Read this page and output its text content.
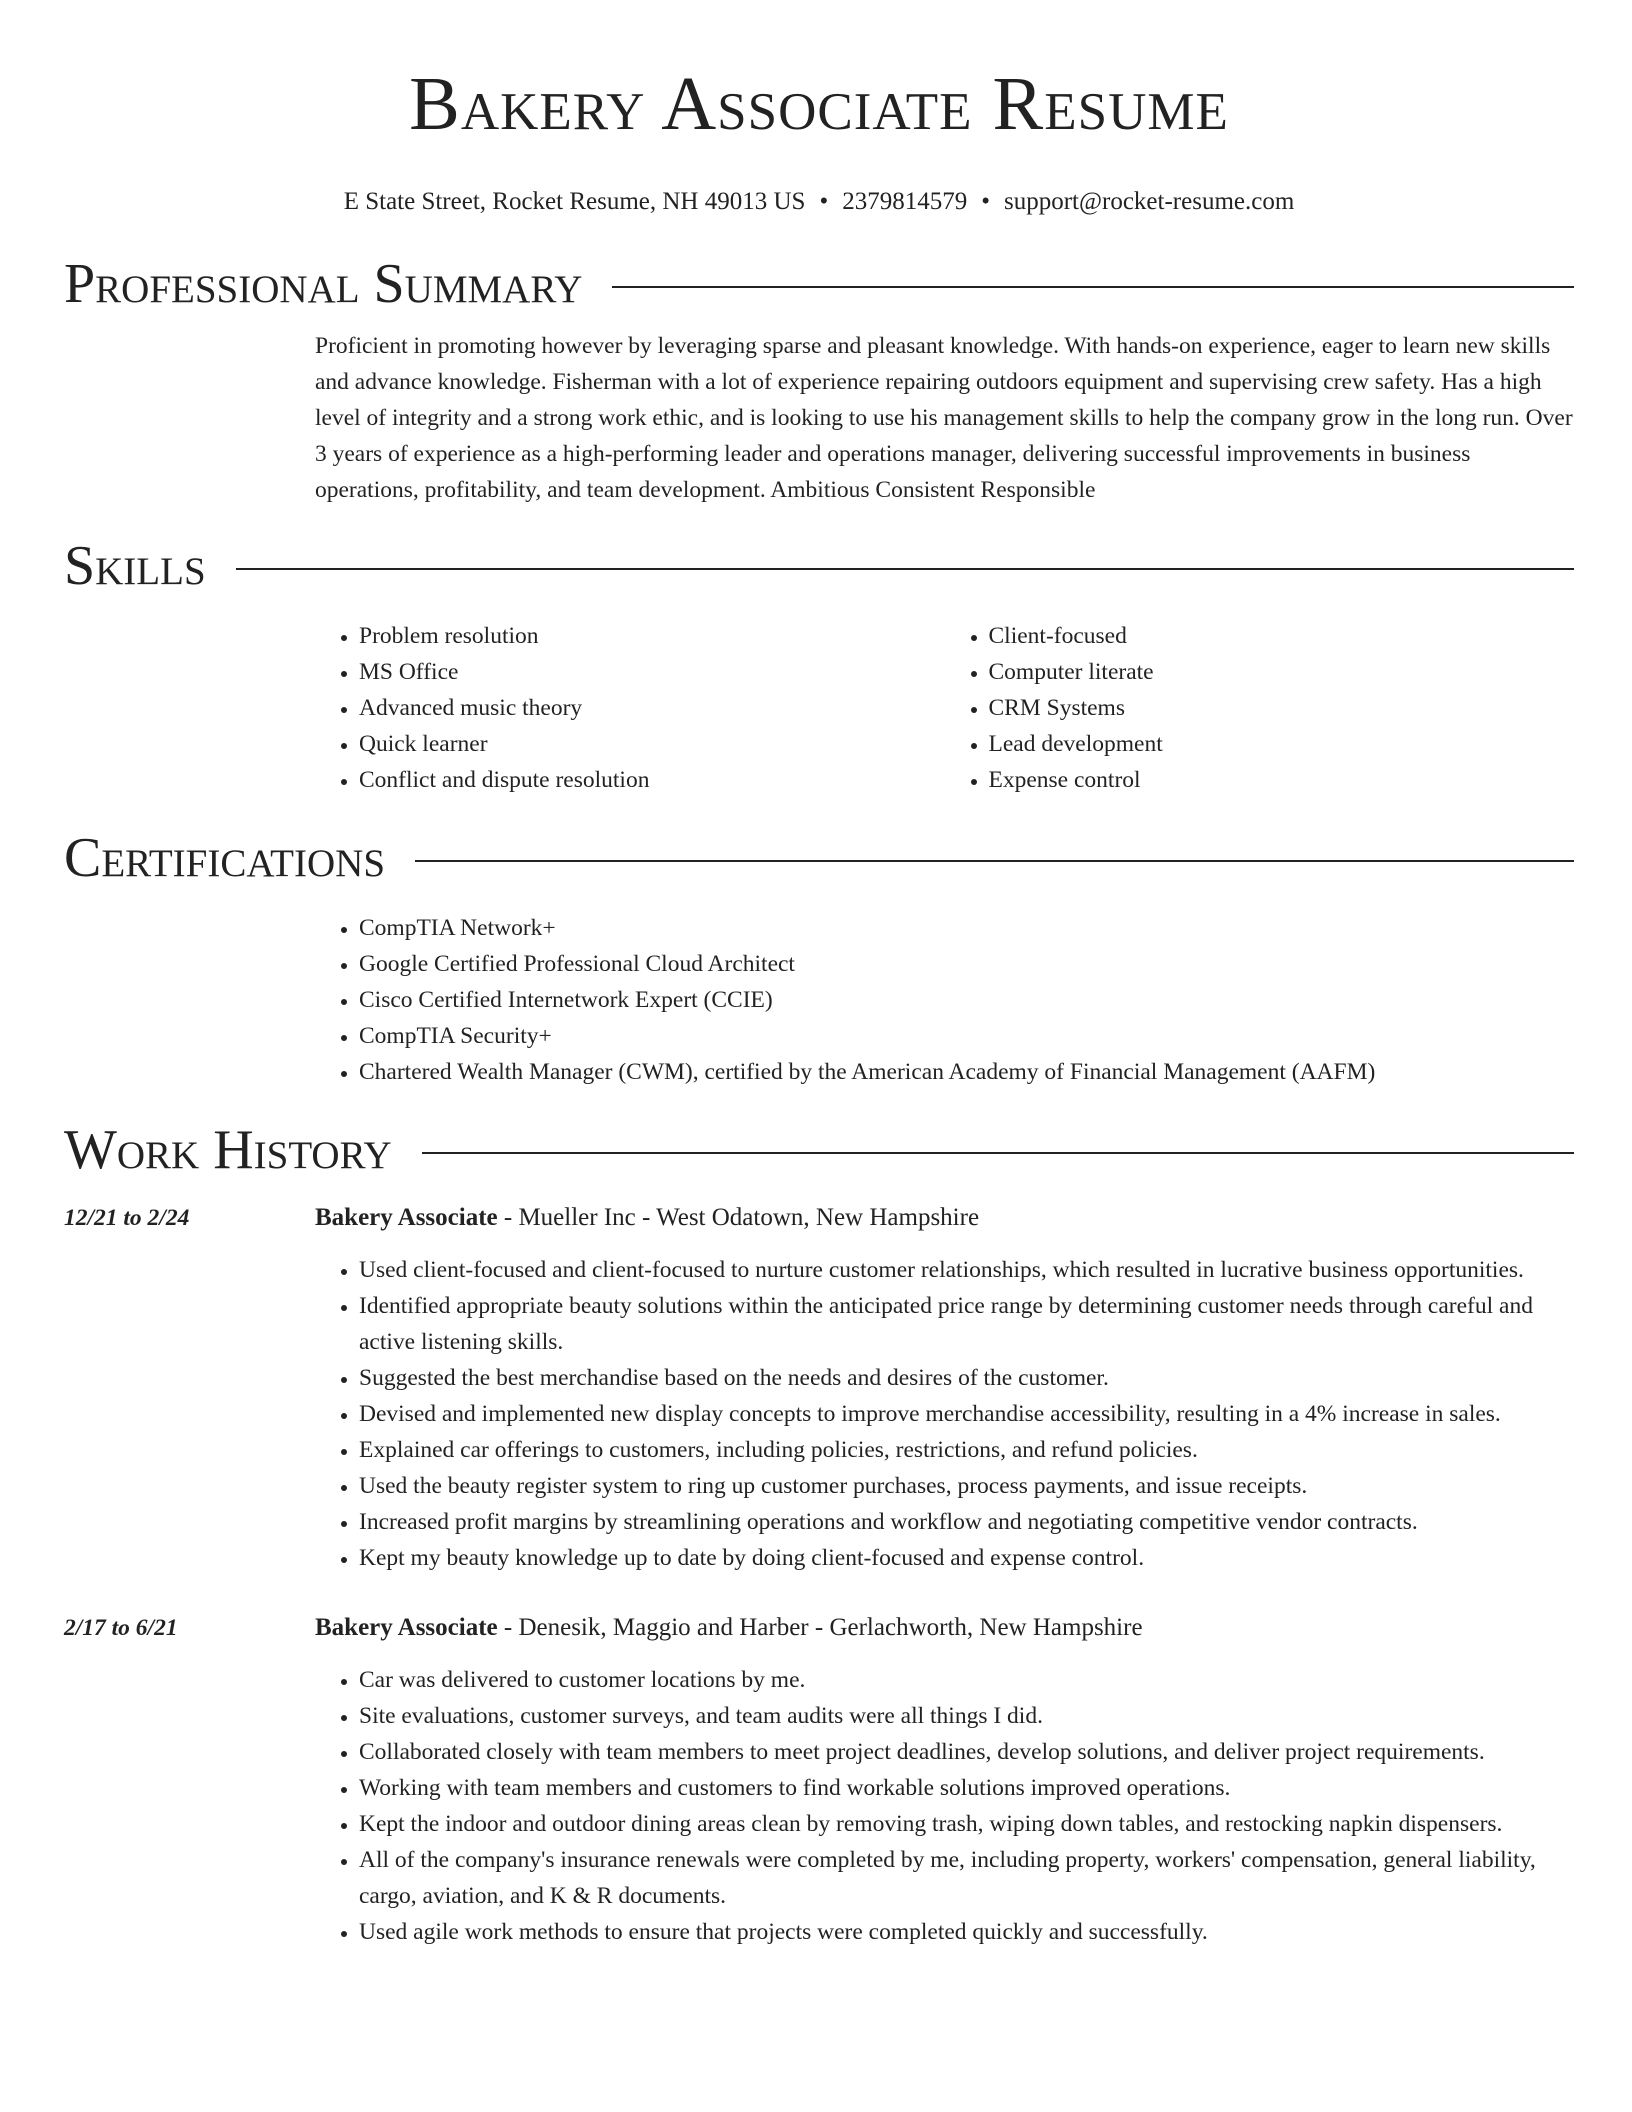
Bakery Associate Resume
E State Street, Rocket Resume, NH 49013 US • 2379814579 • support@rocket-resume.com
Professional Summary

Proficient in promoting however by leveraging sparse and pleasant knowledge. With hands-on experience, eager to learn new skills and advance knowledge. Fisherman with a lot of experience repairing outdoors equipment and supervising crew safety. Has a high level of integrity and a strong work ethic, and is looking to use his management skills to help the company grow in the long run. Over 3 years of experience as a high-performing leader and operations manager, delivering successful improvements in business operations, profitability, and team development. Ambitious Consistent Responsible

Skills
• Problem resolution
• MS Office
• Advanced music theory
• Quick learner
• Conflict and dispute resolution
• Client-focused
• Computer literate
• CRM Systems
• Lead development
• Expense control
Certifications
• CompTIA Network+
• Google Certified Professional Cloud Architect
• Cisco Certified Internetwork Expert (CCIE)
• CompTIA Security+
• Chartered Wealth Manager (CWM), certified by the American Academy of Financial Management (AAFM)
Work History
12/21 to 2/24	Bakery Associate - Mueller Inc - West Odatown, New Hampshire
• Used client-focused and client-focused to nurture customer relationships, which resulted in lucrative business opportunities.
• Identified appropriate beauty solutions within the anticipated price range by determining customer needs through careful and active listening skills.
• Suggested the best merchandise based on the needs and desires of the customer.
• Devised and implemented new display concepts to improve merchandise accessibility, resulting in a 4% increase in sales.
• Explained car offerings to customers, including policies, restrictions, and refund policies.
• Used the beauty register system to ring up customer purchases, process payments, and issue receipts.
• Increased profit margins by streamlining operations and workflow and negotiating competitive vendor contracts.
• Kept my beauty knowledge up to date by doing client-focused and expense control.
2/17 to 6/21	Bakery Associate - Denesik, Maggio and Harber - Gerlachworth, New Hampshire
• Car was delivered to customer locations by me.
• Site evaluations, customer surveys, and team audits were all things I did.
• Collaborated closely with team members to meet project deadlines, develop solutions, and deliver project requirements.
• Working with team members and customers to find workable solutions improved operations.
• Kept the indoor and outdoor dining areas clean by removing trash, wiping down tables, and restocking napkin dispensers.
• All of the company's insurance renewals were completed by me, including property, workers' compensation, general liability, cargo, aviation, and K & R documents.
• Used agile work methods to ensure that projects were completed quickly and successfully.
